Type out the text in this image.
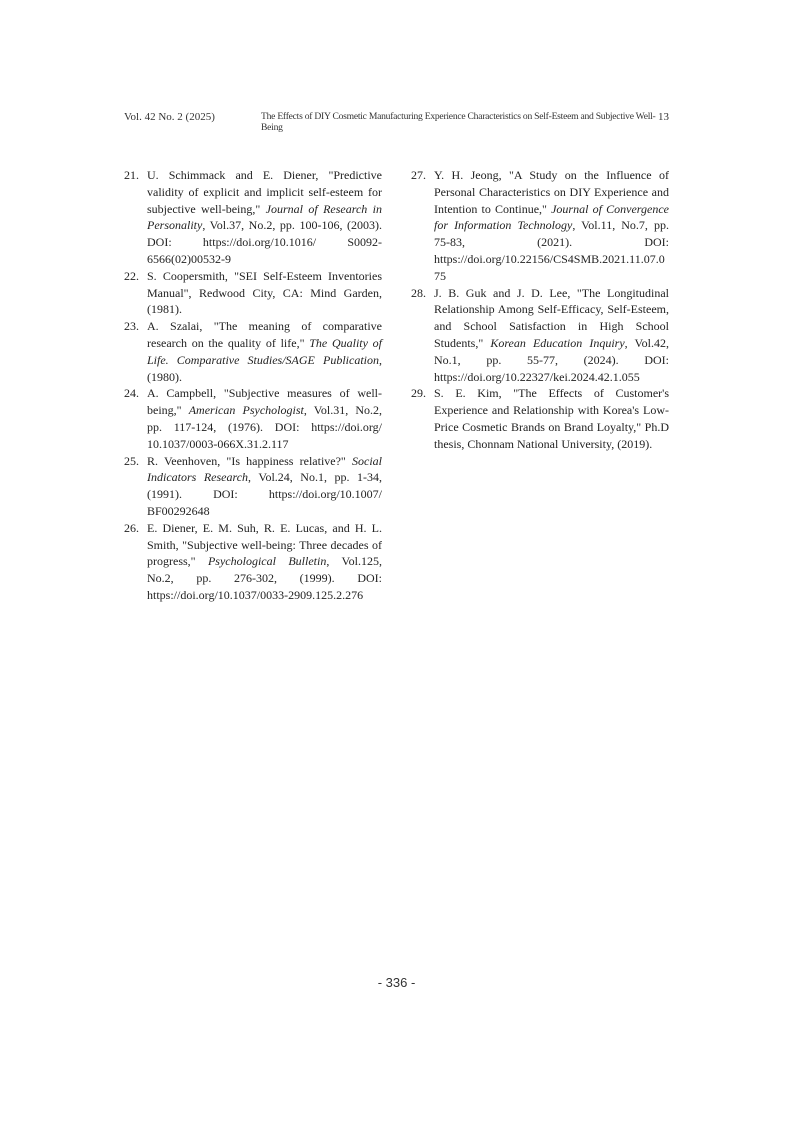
Vol. 42 No. 2 (2025)	The Effects of DIY Cosmetic Manufacturing Experience Characteristics on Self-Esteem and Subjective Well-Being
13

21. U. Schimmack and E. Diener, "Predictive validity of explicit and implicit self-esteem for subjective well-being," Journal of Research in Personality, Vol.37, No.2, pp. 100-106, (2003). DOI: https://doi.org/10.1016/ S0092-6566(02)00532-9

22. S. Coopersmith, "SEI Self-Esteem Inventories Manual", Redwood City, CA: Mind Garden, (1981).

23. A. Szalai, "The meaning of comparative research on the quality of life," The Quality of Life. Comparative Studies/SAGE Publication, (1980).

24. A. Campbell, "Subjective measures of well-being," American Psychologist, Vol.31, No.2, pp. 117-124, (1976). DOI: https://doi.org/ 10.1037/0003-066X.31.2.117

25. R. Veenhoven, "Is happiness relative?" Social Indicators Research, Vol.24, No.1, pp. 1-34, (1991). DOI: https://doi.org/10.1007/ BF00292648

26. E. Diener, E. M. Suh, R. E. Lucas, and H. L. Smith, "Subjective well-being: Three decades of progress," Psychological Bulletin, Vol.125, No.2, pp. 276-302, (1999). DOI: https://doi.org/10.1037/0033-2909.125.2.276

27. Y. H. Jeong, "A Study on the Influence of Personal Characteristics on DIY Experience and Intention to Continue," Journal of Convergence for Information Technology, Vol.11, No.7, pp. 75-83, (2021). DOI: https://doi.org/10.22156/CS4SMB.2021.11.07.075

28. J. B. Guk and J. D. Lee, "The Longitudinal Relationship Among Self-Efficacy, Self-Esteem, and School Satisfaction in High School Students," Korean Education Inquiry, Vol.42, No.1, pp. 55-77, (2024). DOI: https://doi.org/10.22327/kei.2024.42.1.055

29. S. E. Kim, "The Effects of Customer's Experience and Relationship with Korea's Low-Price Cosmetic Brands on Brand Loyalty," Ph.D thesis, Chonnam National University, (2019).

- 336 -
